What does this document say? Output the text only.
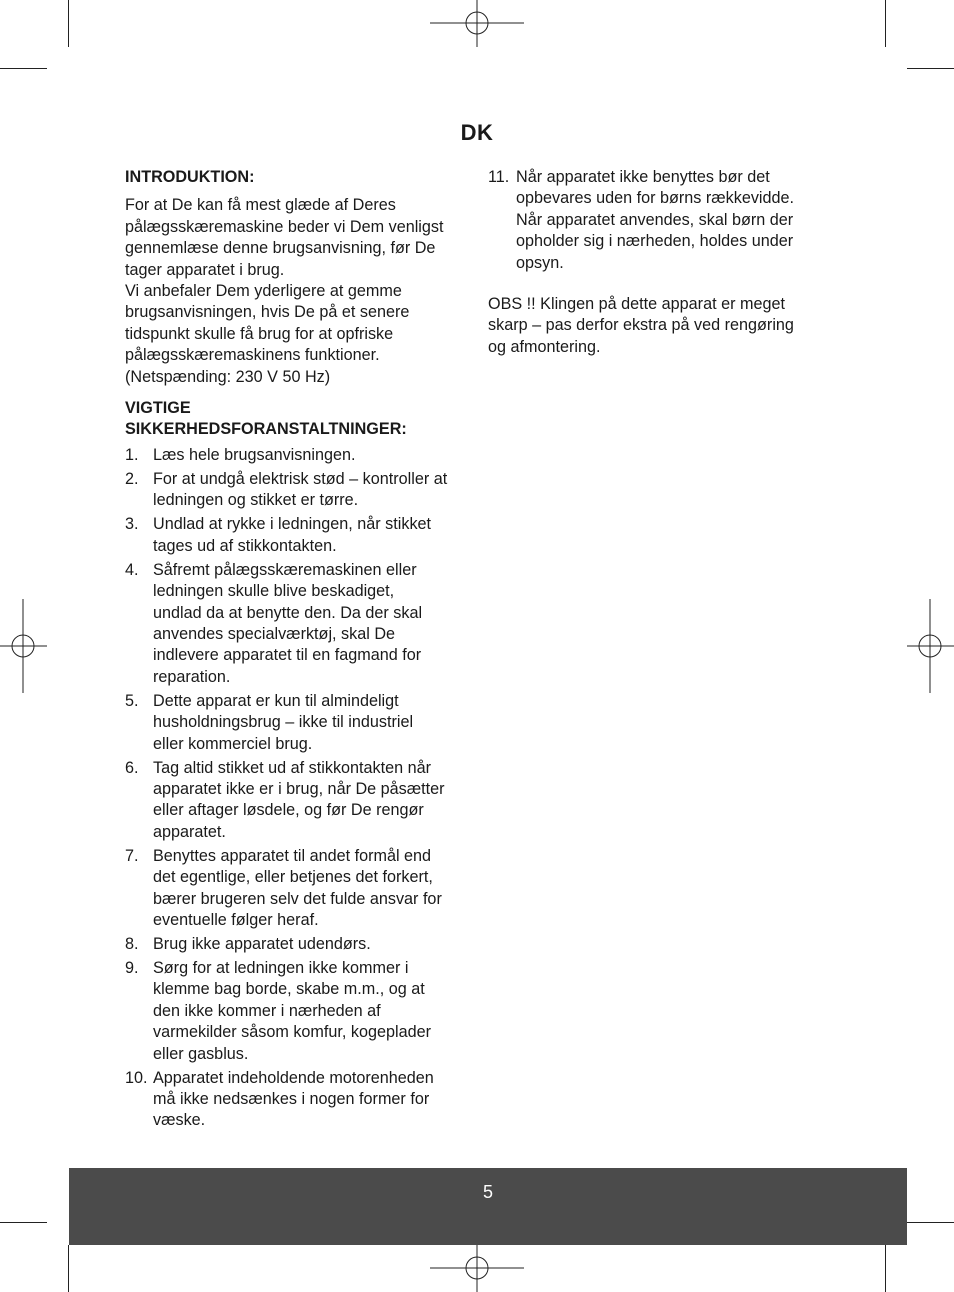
DK

INTRODUKTION:

For at De kan få mest glæde af Deres
pålægsskæremaskine beder vi Dem venligst
gennemlæse denne brugsanvisning, før De
tager apparatet i brug.
Vi anbefaler Dem yderligere at gemme
brugsanvisningen, hvis De på et senere
tidspunkt skulle få brug for at opfriske
pålægsskæremaskinens funktioner.
(Netspænding: 230 V 50 Hz)

VIGTIGE
SIKKERHEDSFORANSTALTNINGER:

1. Læs hele brugsanvisningen.
2. For at undgå elektrisk stød – kontroller at
ledningen og stikket er tørre.
3. Undlad at rykke i ledningen, når stikket
tages ud af stikkontakten.
4. Såfremt pålægsskæremaskinen eller
ledningen skulle blive beskadiget,
undlad da at benytte den. Da der skal
anvendes specialværktøj, skal De
indlevere apparatet til en fagmand for
reparation.
5. Dette apparat er kun til almindeligt
husholdningsbrug – ikke til industriel
eller kommerciel brug.
6. Tag altid stikket ud af stikkontakten når
apparatet ikke er i brug, når De påsætter
eller aftager løsdele, og før De rengør
apparatet.
7. Benyttes apparatet til andet formål end
det egentlige, eller betjenes det forkert,
bærer brugeren selv det fulde ansvar for
eventuelle følger heraf.
8. Brug ikke apparatet udendørs.
9. Sørg for at ledningen ikke kommer i
klemme bag borde, skabe m.m., og at
den ikke kommer i nærheden af
varmekilder såsom komfur, kogeplader
eller gasblus.
10. Apparatet indeholdende motorenheden
må ikke nedsænkes i nogen former for
væske.
11. Når apparatet ikke benyttes bør det
opbevares uden for børns rækkevidde.
Når apparatet anvendes, skal børn der
opholder sig i nærheden, holdes under
opsyn.

OBS !! Klingen på dette apparat er meget
skarp – pas derfor ekstra på ved rengøring
og afmontering.

5
